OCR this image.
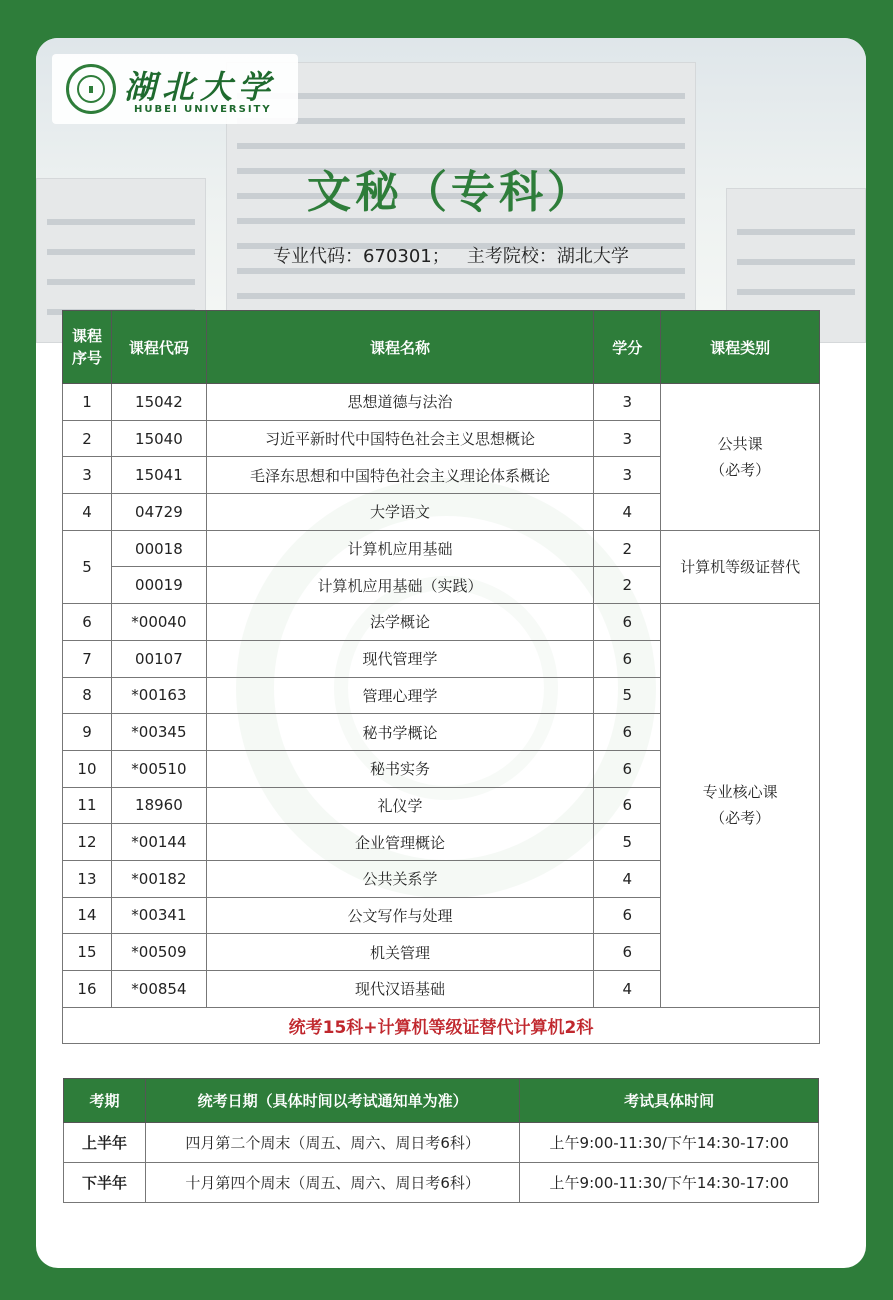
湖北大学
HUBEI UNIVERSITY
文秘（专科）
专业代码：670301；   主考院校：湖北大学
课程
序号	课程代码	课程名称	学分	课程类别
1	15042	思想道德与法治	3	公共课
（必考）
2	15040	习近平新时代中国特色社会主义思想概论	3	
3	15041	毛泽东思想和中国特色社会主义理论体系概论	3	
4	04729	大学语文	4	
5	00018	计算机应用基础	2	计算机等级证替代
	00019	计算机应用基础（实践）	2	
6	*00040	法学概论	6	专业核心课
（必考）
7	00107	现代管理学	6	
8	*00163	管理心理学	5	
9	*00345	秘书学概论	6	
10	*00510	秘书实务	6	
11	18960	礼仪学	6	
12	*00144	企业管理概论	5	
13	*00182	公共关系学	4	
14	*00341	公文写作与处理	6	
15	*00509	机关管理	6	
16	*00854	现代汉语基础	4	
统考15科+计算机等级证替代计算机2科				
考期	统考日期（具体时间以考试通知单为准）	考试具体时间
上半年	四月第二个周末（周五、周六、周日考6科）	上午9:00-11:30/下午14:30-17:00
下半年	十月第四个周末（周五、周六、周日考6科）	上午9:00-11:30/下午14:30-17:00
